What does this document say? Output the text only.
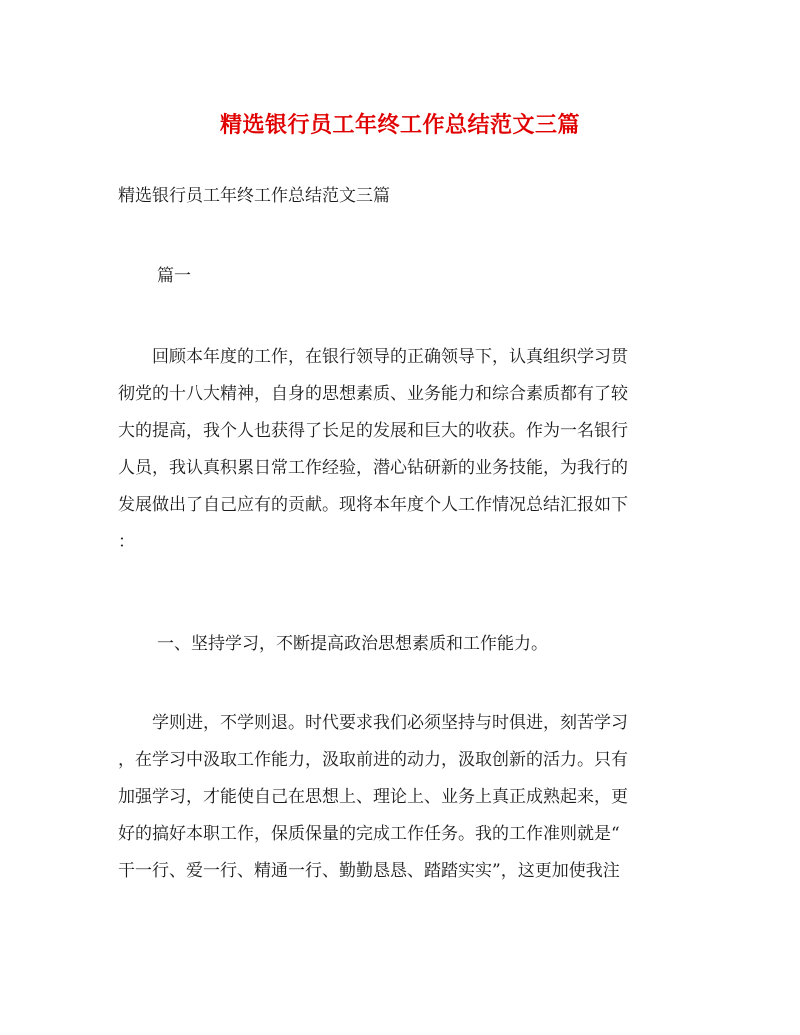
精选银行员工年终工作总结范文三篇
精选银行员工年终工作总结范文三篇
篇一
　　回顾本年度的工作，在银行领导的正确领导下，认真组织学习贯
彻党的十八大精神，自身的思想素质、业务能力和综合素质都有了较
大的提高，我个人也获得了长足的发展和巨大的收获。作为一名银行
人员，我认真积累日常工作经验，潜心钻研新的业务技能，为我行的
发展做出了自己应有的贡献。现将本年度个人工作情况总结汇报如下
：
一、坚持学习，不断提高政治思想素质和工作能力。
　　学则进，不学则退。时代要求我们必须坚持与时俱进，刻苦学习
，在学习中汲取工作能力，汲取前进的动力，汲取创新的活力。只有
加强学习，才能使自己在思想上、理论上、业务上真正成熟起来，更
好的搞好本职工作，保质保量的完成工作任务。我的工作准则就是“
干一行、爱一行、精通一行、勤勤恳恳、踏踏实实”，这更加使我注
